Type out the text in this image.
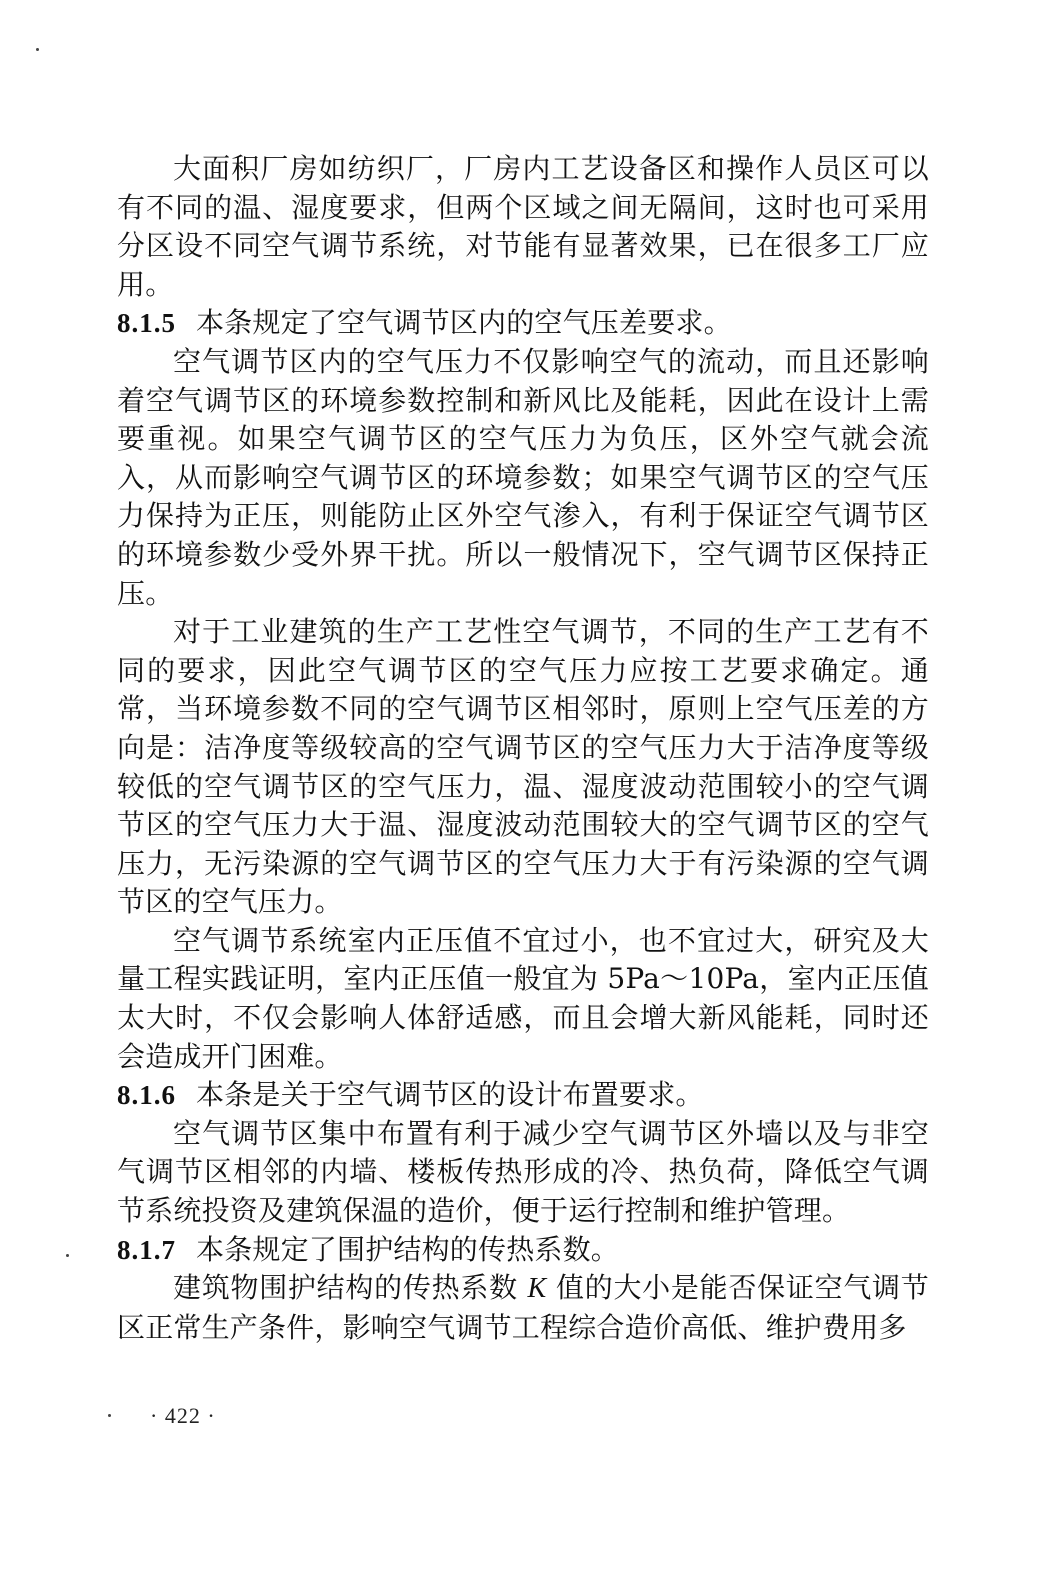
大面积厂房如纺织厂，厂房内工艺设备区和操作人员区可以有不同的温、湿度要求，但两个区域之间无隔间，这时也可采用分区设不同空气调节系统，对节能有显著效果，已在很多工厂应用。

8.1.5 本条规定了空气调节区内的空气压差要求。

空气调节区内的空气压力不仅影响空气的流动，而且还影响着空气调节区的环境参数控制和新风比及能耗，因此在设计上需要重视。如果空气调节区的空气压力为负压，区外空气就会流入，从而影响空气调节区的环境参数；如果空气调节区的空气压力保持为正压，则能防止区外空气渗入，有利于保证空气调节区的环境参数少受外界干扰。所以一般情况下，空气调节区保持正压。

对于工业建筑的生产工艺性空气调节，不同的生产工艺有不同的要求，因此空气调节区的空气压力应按工艺要求确定。通常，当环境参数不同的空气调节区相邻时，原则上空气压差的方向是：洁净度等级较高的空气调节区的空气压力大于洁净度等级较低的空气调节区的空气压力，温、湿度波动范围较小的空气调节区的空气压力大于温、湿度波动范围较大的空气调节区的空气压力，无污染源的空气调节区的空气压力大于有污染源的空气调节区的空气压力。

空气调节系统室内正压值不宜过小，也不宜过大，研究及大量工程实践证明，室内正压值一般宜为 5Pa～10Pa，室内正压值太大时，不仅会影响人体舒适感，而且会增大新风能耗，同时还会造成开门困难。

8.1.6 本条是关于空气调节区的设计布置要求。

空气调节区集中布置有利于减少空气调节区外墙以及与非空气调节区相邻的内墙、楼板传热形成的冷、热负荷，降低空气调节系统投资及建筑保温的造价，便于运行控制和维护管理。

8.1.7 本条规定了围护结构的传热系数。

建筑物围护结构的传热系数 K 值的大小是能否保证空气调节区正常生产条件，影响空气调节工程综合造价高低、维护费用多

· 422 ·
